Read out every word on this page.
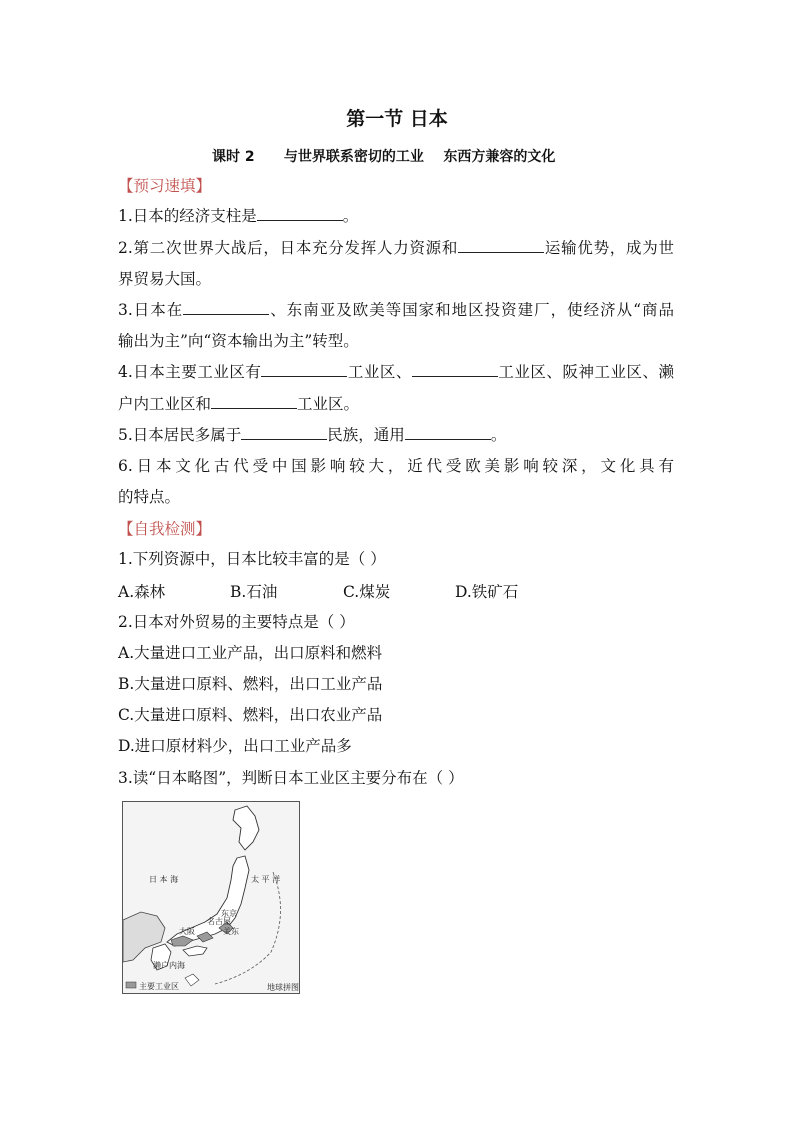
第一节 日本
课时 2      与世界联系密切的工业    东西方兼容的文化
【预习速填】
1.日本的经济支柱是	。
2.第二次世界大战后，日本充分发挥人力资源和	运输优势，成为世
界贸易大国。
3.日本在	、东南亚及欧美等国家和地区投资建厂，使经济从“商品
输出为主”向“资本输出为主”转型。
4.日本主要工业区有	工业区、	工业区、阪神工业区、濑
户内工业区和	工业区。
5.日本居民多属于	民族，通用	。
6.日本文化古代受中国影响较大，近代受欧美影响较深，文化具有
的特点。
【自我检测】
1.下列资源中，日本比较丰富的是（ ）
A.森林	B.石油	C.煤炭	D.铁矿石
2.日本对外贸易的主要特点是（ ）
A.大量进口工业产品，出口原料和燃料
B.大量进口原料、燃料，出口工业产品
C.大量进口原料、燃料，出口农业产品
D.进口原材料少，出口工业产品多
3.读“日本略图”，判断日本工业区主要分布在（ ）
日 本 海	太 平 洋
东京
名古屋
关东
大阪
濑户内海
主要工业区	地球拼图
